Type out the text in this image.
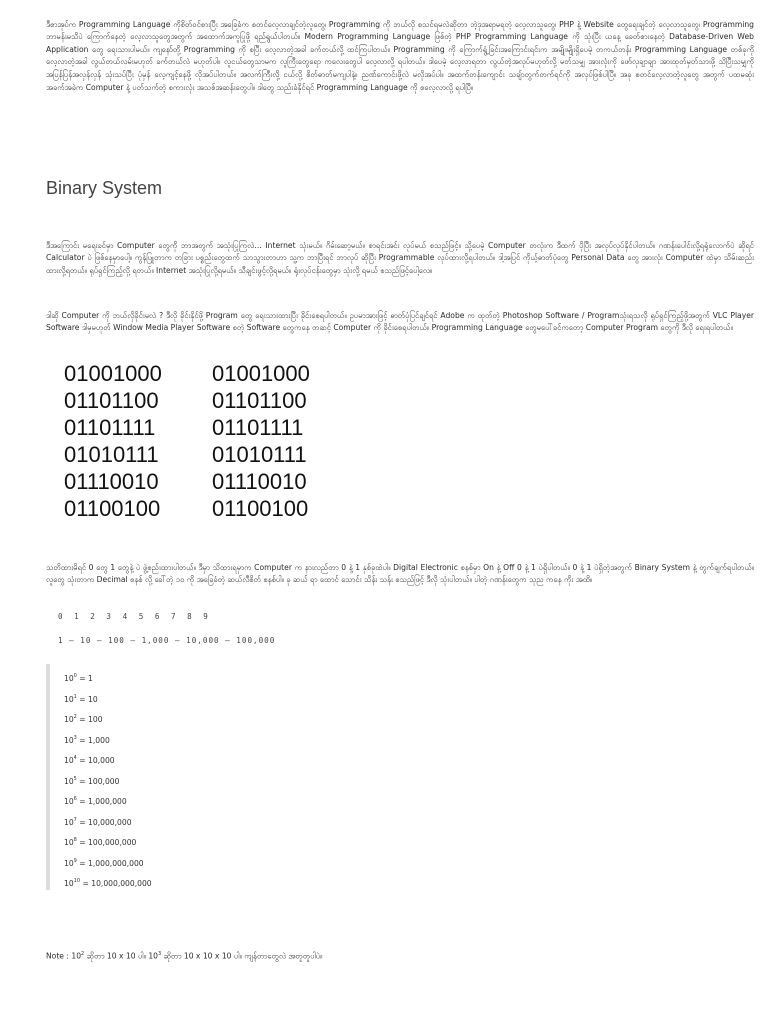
ဒီစာအုပ်က Programming Language ကိုစိတ်ဝင်စားပြီး အခြေခံက စတင်လေ့လာချင်တဲ့လူတွေ၊ Programming ကို ဘယ်လို စသင်ရမလဲဆိုတာ ဘဲ့ဒုအရာမရတဲ့ လေ့လာသူတွေ၊ PHP နဲ့ Website တွေရေးချင်တဲ့ လေ့လာသူတွေ၊ Programming ဘာမန်းမသိပဲ ကြောက်နေတဲ့ လေ့လာသူတွေအတွက် အထောက်အကူပြုဖို့ ရည်ရွယ်ပါတယ်။ Modern Programming Language ဖြစ်တဲ့ PHP Programming Language ကို သုံးပြီး ယနေ့ ခေတ်စားနေတဲ့ Database-Driven Web Application တွေ ရေးသားပါမယ်။ ကျနော်တို့ Programming ကို စပြီး လေ့လာတဲ့အခါ ခက်တယ်လို့ ထင်ကြပါတယ်။ Programming ကို ကြောက်ရွံ့ခြင်းအကြောင်းရင်းက အမျိုးမျိုးရှိပေမဲ့ တကယ်တန်း Programming Language တစ်ခုကိုလေ့လာတဲ့အခါ လွယ်တယ်လမ်းမဟုတ် ခက်တယ်လဲ မဟုတ်ပါ။ လူငယ်တွေသာမက လူကြီးတွေရော ကလေးတွေပါ လေ့လာလို့ ရပါတယ်။ ဒါပေမဲ့ လေ့လာရတာ လွယ်တဲ့အလုပ်မဟုတ်လို့ မတ်သမျှ အားလုံးကို ဖော်လှချာချာ အားထုတ်မှတ်သားဖို့ သိပြီးသမျှကို အပြန်ပြန်အလှန်လှန် သုံးသပ်ပြီး ပုံမှန် လေ့ကျင့်နေဖို့ လိုအပ်ပါတယ်။ အလက်ကြီးလို့ ငယ်လို့ စိတ်ဓာတ်မကျပါနဲ့။ ညဏ်ကောင်းဖို့လဲ မလိုအပ်ပါ။ အထက်တန်းကျောင်း သချ်ာတွက်တက်ရင်ကို အလုပ်ဖြစ်ပါပြီ။ အခု စတင်လေ့လာတဲ့လူတွေ အတွက် ပထမဆုံးအခက်အခဲက Computer နဲ့ ပတ်သက်တဲ့ စကားလုံး အသစ်အဆန်းတွေပါ။ ဒါတွေ သည်းခံနိုင်ရင် Programming Language ကို စလေ့လာလို့ ရပါပြီ။

Binary System

ဒီအကြောင်း မရေးခင်မှာ Computer တွေကို ဘာအတွက် အသုံးပြုကြလဲ… Internet သုံးမယ်။ ဂိမ်းဆော့မယ်။ စာရင်းအင်း လုပ်မယ် စသည်ဖြင့်။ သို့ပေမဲ့ Computer တလုံးက ဒီထက် ပိုပြီး အလုပ်လုပ်နိုင်ပါတယ်။ ဂဏန်းပေါင်းလို့ရရုံလောက်ပဲ ဆိုရင် Calculator ပဲ ဖြစ်နေမှာပေါ့။ ကွန်ပြူတာက တခြား ပစ္စည်းတွေထက် သာသွားတာဟာ သူ့က ဘာပြီးရင် ဘာလုပ် ဆိုပြီး Programmable လုပ်ထားလို့ရပါတယ်။ ဒါ့အပြင် ကိုယ့်ဓာတ်ပုံတွေ Personal Data တွေ အားလုံး Computer ထဲမှာ သိမ်းဆည်းထားလို့ရတယ်။ ရုပ်ရှင်ကြည့်လို့ ရတယ်။ Internet အသုံးပြုလို့ရမယ်။ သီချင်းဖွင့်လို့ရမယ်။ ရုံးလုပ်ငန်းတွေမှာ သုံးလို့ ရမယ် စသည်ဖြင့်ပေါ့လေ။

ဒါဆို Computer ကို ဘယ်လိုခိုင်းမလဲ ? ဒီလို ခိုင်းနိုင်ဖို့ Program တွေ ရေးသားထားပြီး ခိုင်းစေရပါတယ်။ ဥပမာအားဖြင့် ဓာတ်ပုံပြင်ချင်ရင် Adobe က ထုတ်တဲ့ Photoshop Software / Programသုံးရသလို ရုပ်ရှင်ကြည့်ဖို့အတွက် VLC Player Software ဒါမှမဟုတ် Window Media Player Software စတဲ့ Software တွေကနေ တဆင့် Computer ကို ခိုင်းစေရပါတယ်။ Programming Language တွေမပေါ်ခင်ကတော့ Computer Program တွေကို ဒီလို ရေးရပါတယ်။

01001000	01001000
01101100	01101100
01101111	01101111
01010111	01010111
01110010	01110010
01100100	01100100

သတိထားမိရင် 0 တွေ 1 တွေနဲ့ ပဲ ဖွဲ့စည်းထားပါတယ်။ ဒီမှာ သိထားရမှာက Computer က နားလည်တာ 0 နဲ့ 1 နှစ်ခုထဲပါ။ Digital Electronic စနစ်မှာ On နဲ့ Off 0 နဲ့ 1 ပဲရှိပါတယ်။ 0 နဲ့ 1 ပဲရှိတဲ့အတွက် Binary System နဲ့ တွက်ချက်ရပါတယ်။ လူတွေ သုံးတာက Decimal စနစ် လို့ ခေါ်တဲ့ ၁၀ ကို အခြေခံတဲ့ ဆယ်လီစိတ် စနစ်ပါ။ ခု ဆယ် ရာ ထောင် သောင်း သိန်း သန်း စသည်ဖြင့် ဒီလို သုံးပါတယ်။ ပါတဲ့ ဂဏန်းတွေက သုည ကနေ ကိုး အထိ။

0 1 2 3 4 5 6 7 8 9
1 – 10 – 100 – 1,000 – 10,000 – 100,000
$10^0 = 1$
$10^1 = 10$
$10^2 = 100$
$10^3 = 1,000$
$10^4 = 10,000$
$10^5 = 100,000$
$10^6 = 1,000,000$
$10^7 = 10,000,000$
$10^8 = 100,000,000$
$10^9 = 1,000,000,000$
$10^{10} = 10,000,000,000$
Note : $10^2$ ဆိုတာ 10 x 10 ပါ။ $10^3$ ဆိုတာ 10 x 10 x 10 ပါ။ ကျန်တာတွေလဲ အတူတူပါပဲ။
